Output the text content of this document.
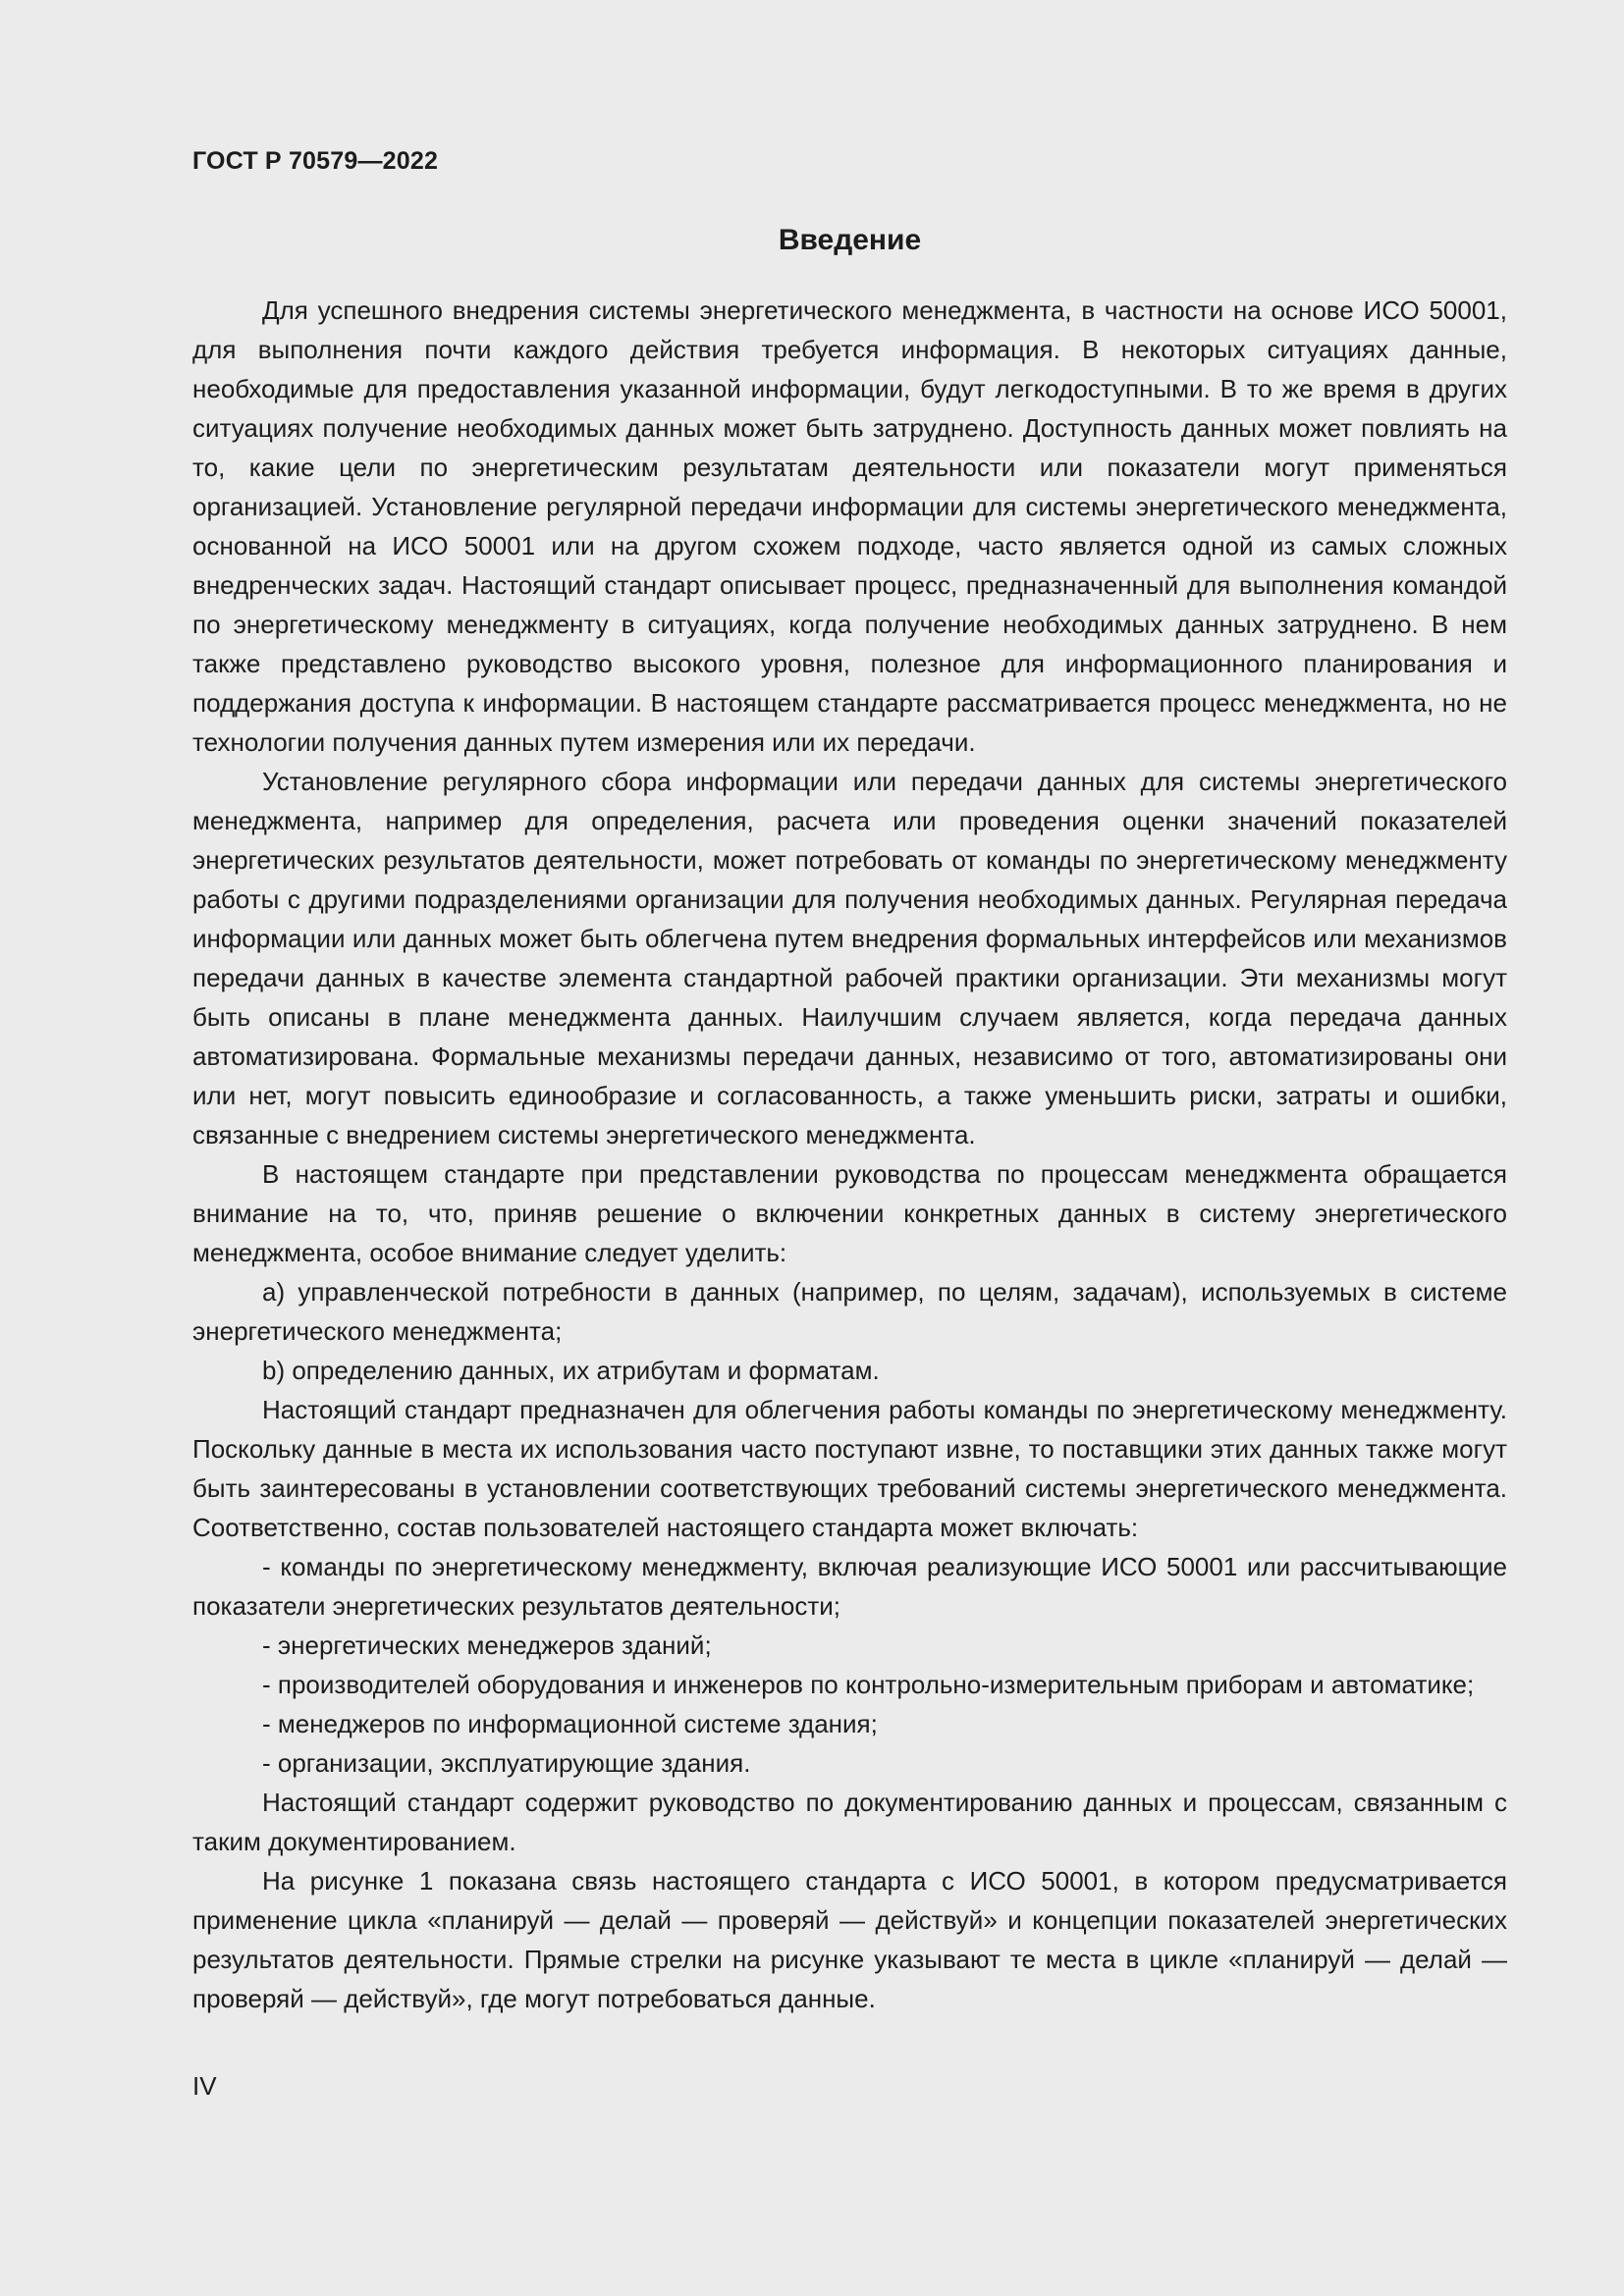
ГОСТ Р 70579—2022
Введение

Для успешного внедрения системы энергетического менеджмента, в частности на основе ИСО 50001, для выполнения почти каждого действия требуется информация. В некоторых ситуациях данные, необходимые для предоставления указанной информации, будут легкодоступными. В то же время в других ситуациях получение необходимых данных может быть затруднено. Доступность данных может повлиять на то, какие цели по энергетическим результатам деятельности или показатели могут применяться организацией. Установление регулярной передачи информации для системы энергетического менеджмента, основанной на ИСО 50001 или на другом схожем подходе, часто является одной из самых сложных внедренческих задач. Настоящий стандарт описывает процесс, предназначенный для выполнения командой по энергетическому менеджменту в ситуациях, когда получение необходимых данных затруднено. В нем также представлено руководство высокого уровня, полезное для информационного планирования и поддержания доступа к информации. В настоящем стандарте рассматривается процесс менеджмента, но не технологии получения данных путем измерения или их передачи.

Установление регулярного сбора информации или передачи данных для системы энергетического менеджмента, например для определения, расчета или проведения оценки значений показателей энергетических результатов деятельности, может потребовать от команды по энергетическому менеджменту работы с другими подразделениями организации для получения необходимых данных. Регулярная передача информации или данных может быть облегчена путем внедрения формальных интерфейсов или механизмов передачи данных в качестве элемента стандартной рабочей практики организации. Эти механизмы могут быть описаны в плане менеджмента данных. Наилучшим случаем является, когда передача данных автоматизирована. Формальные механизмы передачи данных, независимо от того, автоматизированы они или нет, могут повысить единообразие и согласованность, а также уменьшить риски, затраты и ошибки, связанные с внедрением системы энергетического менеджмента.

В настоящем стандарте при представлении руководства по процессам менеджмента обращается внимание на то, что, приняв решение о включении конкретных данных в систему энергетического менеджмента, особое внимание следует уделить:

a) управленческой потребности в данных (например, по целям, задачам), используемых в системе энергетического менеджмента;

b) определению данных, их атрибутам и форматам.

Настоящий стандарт предназначен для облегчения работы команды по энергетическому менеджменту. Поскольку данные в места их использования часто поступают извне, то поставщики этих данных также могут быть заинтересованы в установлении соответствующих требований системы энергетического менеджмента. Соответственно, состав пользователей настоящего стандарта может включать:

- команды по энергетическому менеджменту, включая реализующие ИСО 50001 или рассчитывающие показатели энергетических результатов деятельности;

- энергетических менеджеров зданий;

- производителей оборудования и инженеров по контрольно-измерительным приборам и автоматике;

- менеджеров по информационной системе здания;

- организации, эксплуатирующие здания.

Настоящий стандарт содержит руководство по документированию данных и процессам, связанным с таким документированием.

На рисунке 1 показана связь настоящего стандарта с ИСО 50001, в котором предусматривается применение цикла «планируй — делай — проверяй — действуй» и концепции показателей энергетических результатов деятельности. Прямые стрелки на рисунке указывают те места в цикле «планируй — делай — проверяй — действуй», где могут потребоваться данные.

IV
